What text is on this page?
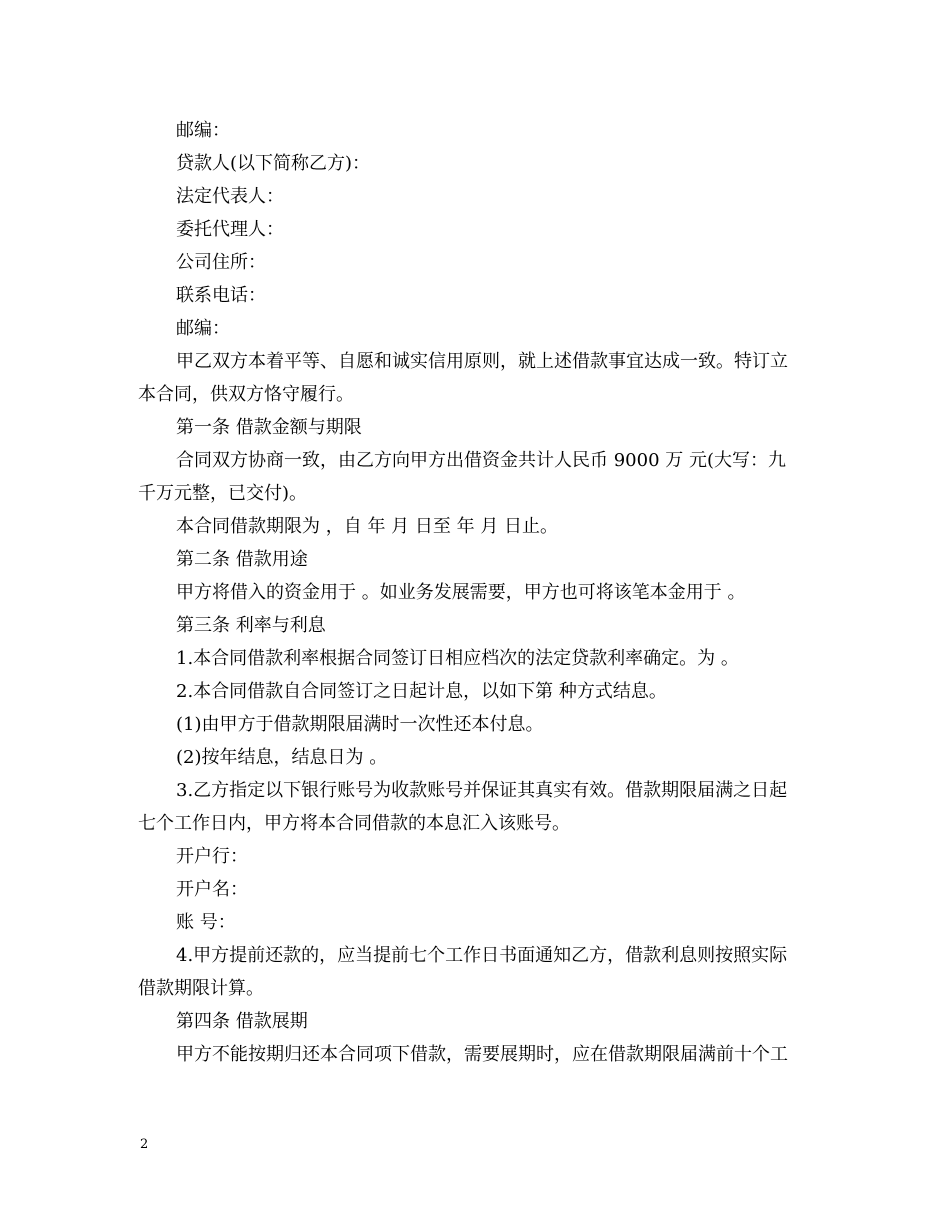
邮编：
贷款人(以下简称乙方)：
法定代表人：
委托代理人：
公司住所：
联系电话：
邮编：
甲乙双方本着平等、自愿和诚实信用原则，就上述借款事宜达成一致。特订立
本合同，供双方恪守履行。
第一条 借款金额与期限
合同双方协商一致，由乙方向甲方出借资金共计人民币 9000 万 元(大写：九
千万元整，已交付)。
本合同借款期限为 ，自 年 月 日至 年 月 日止。
第二条 借款用途
甲方将借入的资金用于 。如业务发展需要，甲方也可将该笔本金用于 。
第三条 利率与利息
1.本合同借款利率根据合同签订日相应档次的法定贷款利率确定。为 。
2.本合同借款自合同签订之日起计息，以如下第 种方式结息。
(1)由甲方于借款期限届满时一次性还本付息。
(2)按年结息，结息日为 。
3.乙方指定以下银行账号为收款账号并保证其真实有效。借款期限届满之日起
七个工作日内，甲方将本合同借款的本息汇入该账号。
开户行：
开户名：
账 号：
4.甲方提前还款的，应当提前七个工作日书面通知乙方，借款利息则按照实际
借款期限计算。
第四条 借款展期
甲方不能按期归还本合同项下借款，需要展期时，应在借款期限届满前十个工
2
